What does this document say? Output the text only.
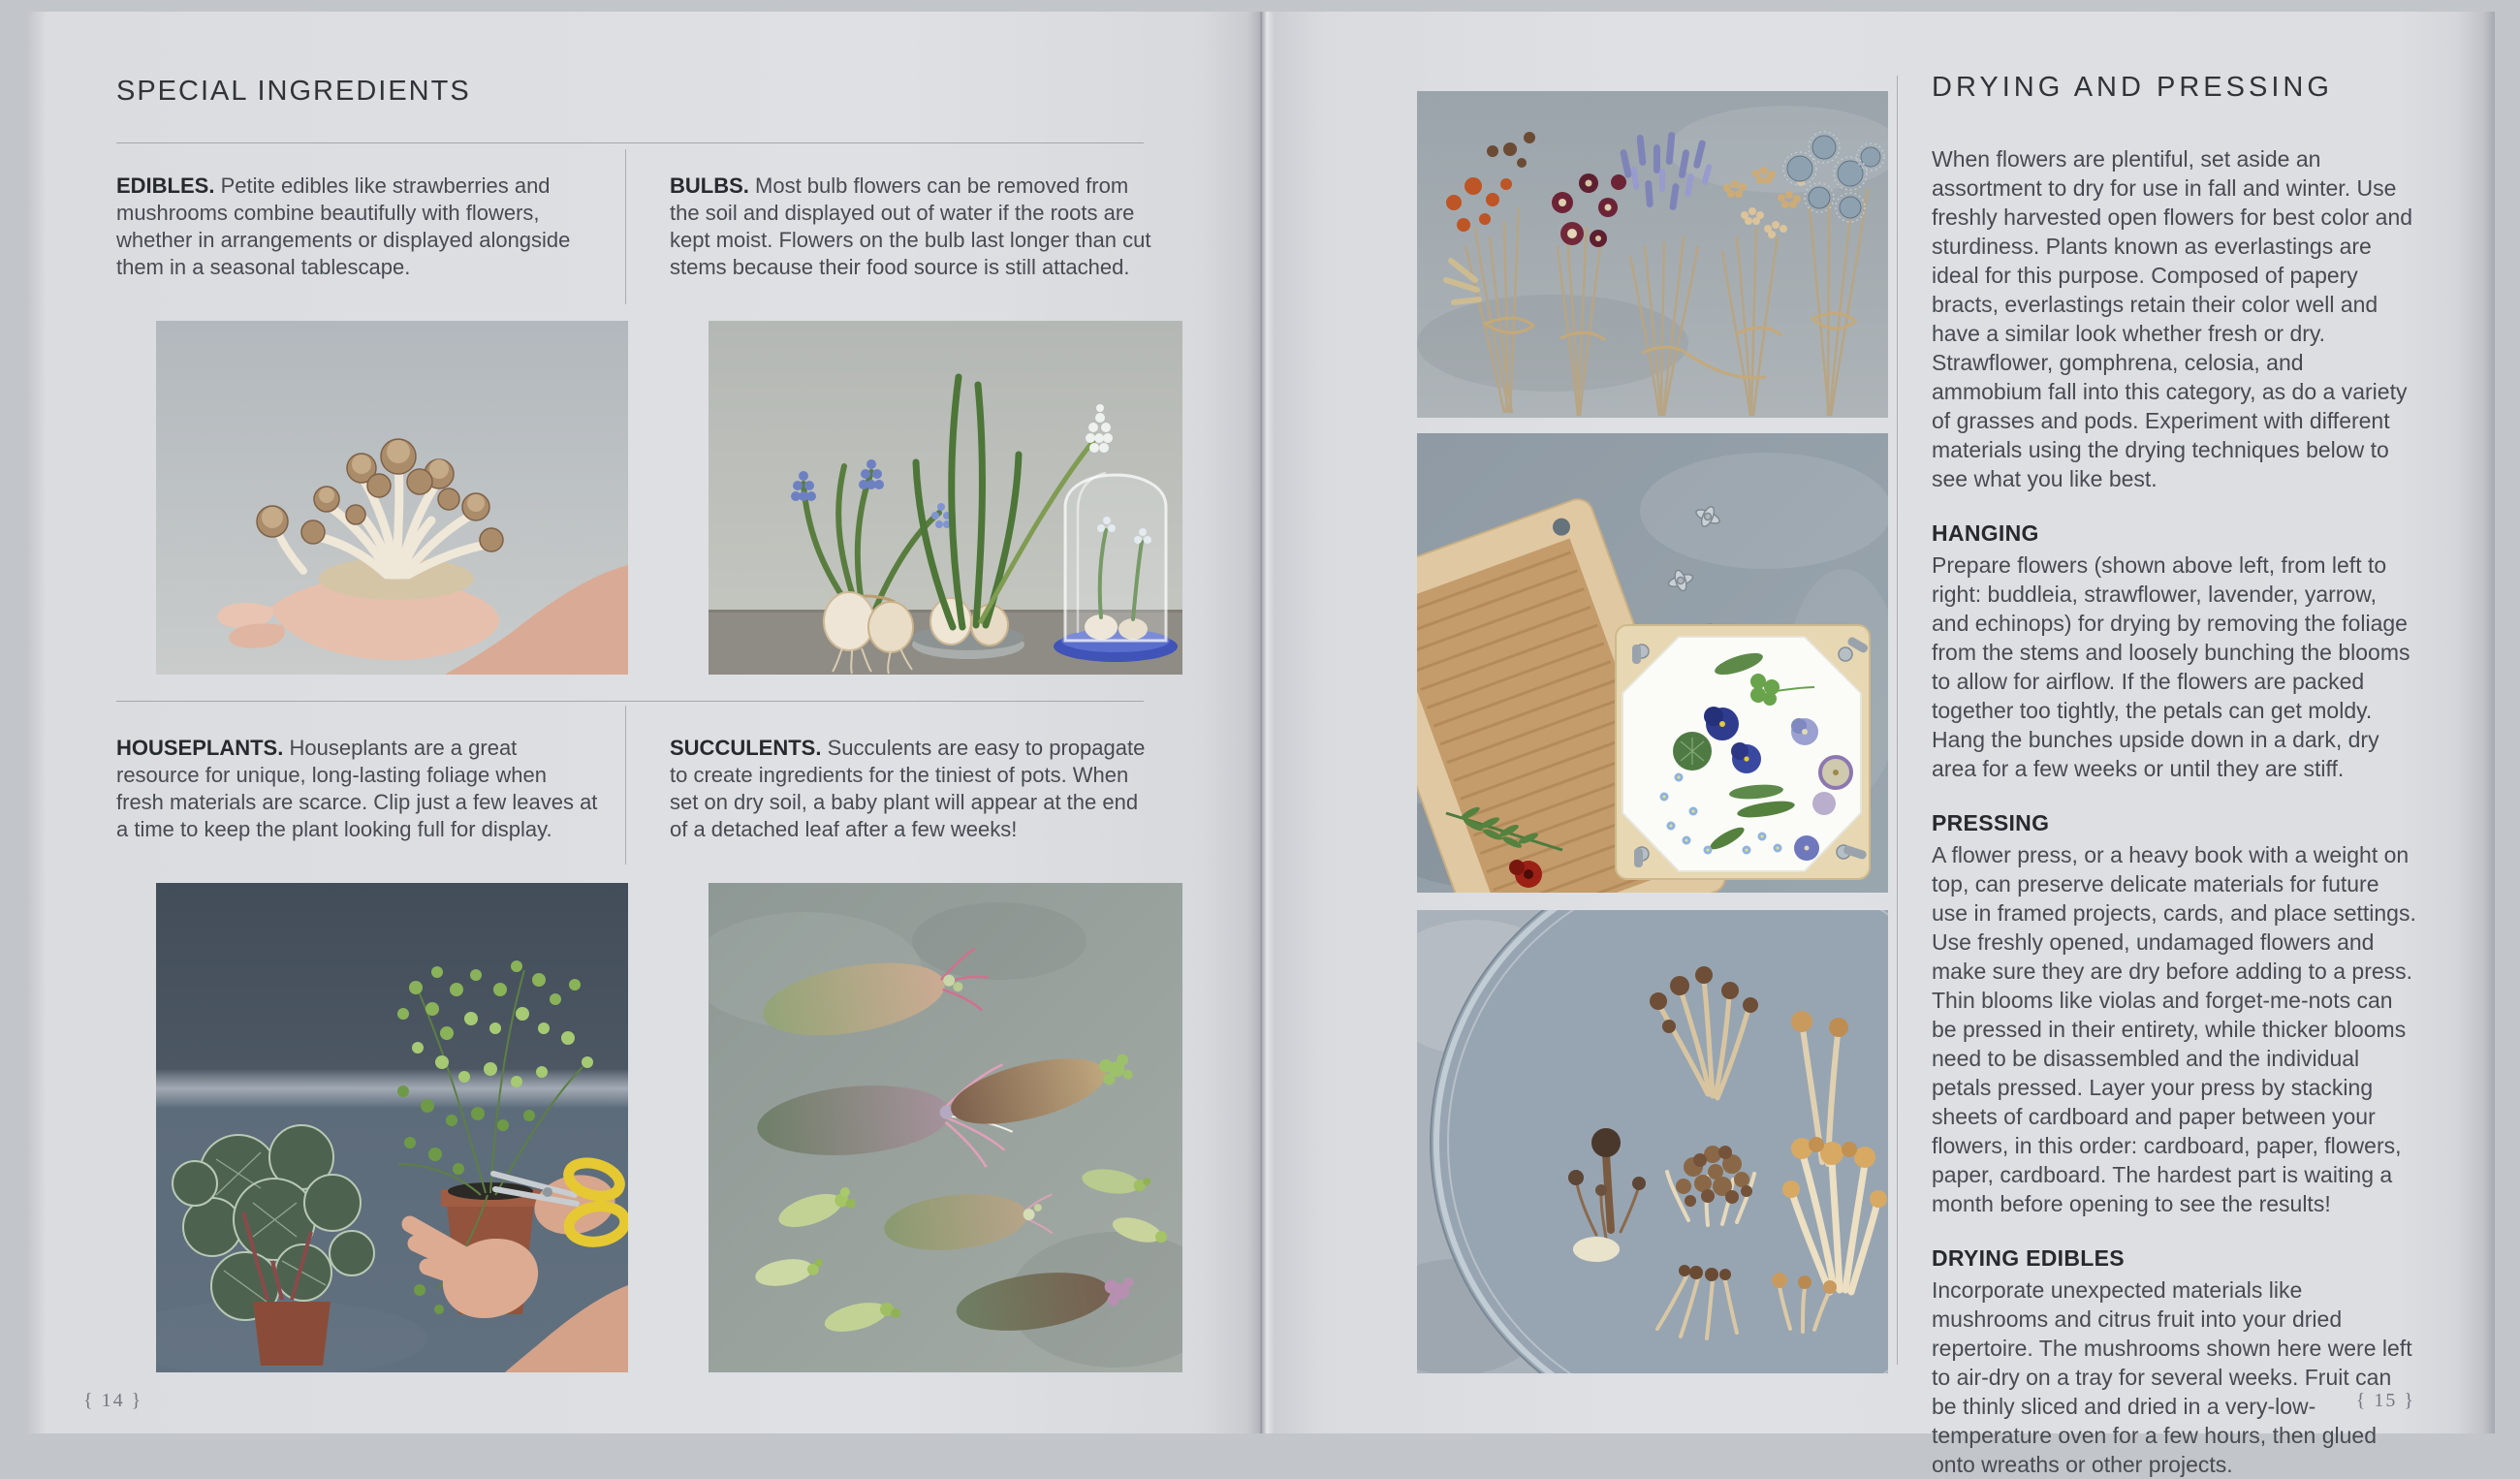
SPECIAL INGREDIENTS

EDIBLES. Petite edibles like strawberries and mushrooms combine beautifully with flowers, whether in arrangements or displayed alongside them in a seasonal tablescape.

BULBS. Most bulb flowers can be removed from the soil and displayed out of water if the roots are kept moist. Flowers on the bulb last longer than cut stems because their food source is still attached.

HOUSEPLANTS. Houseplants are a great resource for unique, long-lasting foliage when fresh materials are scarce. Clip just a few leaves at a time to keep the plant looking full for display.

SUCCULENTS. Succulents are easy to propagate to create ingredients for the tiniest of pots. When set on dry soil, a baby plant will appear at the end of a detached leaf after a few weeks!

{ 14 }
DRYING AND PRESSING

When flowers are plentiful, set aside an assortment to dry for use in fall and winter. Use freshly harvested open flowers for best color and sturdiness. Plants known as everlastings are ideal for this purpose. Composed of papery bracts, everlastings retain their color well and have a similar look whether fresh or dry. Strawflower, gomphrena, celosia, and ammobium fall into this category, as do a variety of grasses and pods. Experiment with different materials using the drying techniques below to see what you like best.

HANGING

Prepare flowers (shown above left, from left to right: buddleia, strawflower, lavender, yarrow, and echinops) for drying by removing the foliage from the stems and loosely bunching the blooms to allow for airflow. If the flowers are packed together too tightly, the petals can get moldy. Hang the bunches upside down in a dark, dry area for a few weeks or until they are stiff.

PRESSING

A flower press, or a heavy book with a weight on top, can preserve delicate materials for future use in framed projects, cards, and place settings. Use freshly opened, undamaged flowers and make sure they are dry before adding to a press. Thin blooms like violas and forget-me-nots can be pressed in their entirety, while thicker blooms need to be disassembled and the individual petals pressed. Layer your press by stacking sheets of cardboard and paper between your flowers, in this order: cardboard, paper, flowers, paper, cardboard. The hardest part is waiting a month before opening to see the results!

DRYING EDIBLES

Incorporate unexpected materials like mushrooms and citrus fruit into your dried repertoire. The mushrooms shown here were left to air-dry on a tray for several weeks. Fruit can be thinly sliced and dried in a very-low-temperature oven for a few hours, then glued onto wreaths or other projects.

{ 15 }
